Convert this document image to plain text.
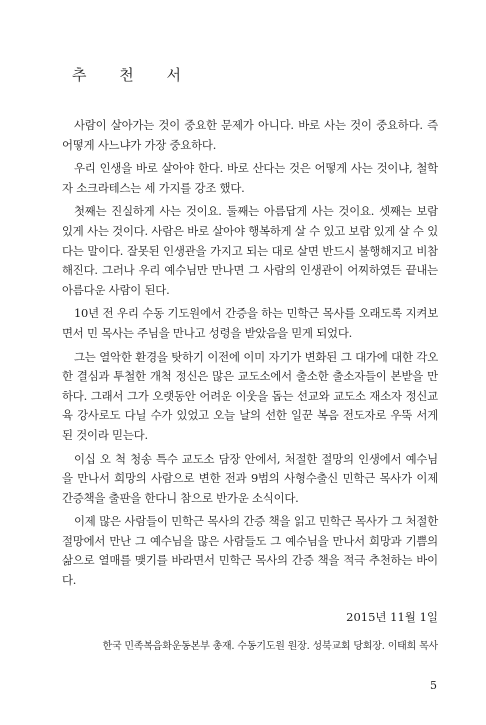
추 천 서

사람이 살아가는 것이 중요한 문제가 아니다. 바로 사는 것이 중요하다. 즉 어떻게 사느냐가 가장 중요하다.

우리 인생을 바로 살아야 한다. 바로 산다는 것은 어떻게 사는 것이냐, 철학자 소크라테스는 세 가지를 강조 했다.

첫째는 진실하게 사는 것이요. 둘째는 아름답게 사는 것이요. 셋째는 보람 있게 사는 것이다. 사람은 바로 살아야 행복하게 살 수 있고 보람 있게 살 수 있다는 말이다. 잘못된 인생관을 가지고 되는 대로 살면 반드시 불행해지고 비참해진다. 그러나 우리 예수님만 만나면 그 사람의 인생관이 어찌하였든 끝내는 아름다운 사람이 된다.

10년 전 우리 수동 기도원에서 간증을 하는 민학근 목사를 오래도록 지켜보면서 민 목사는 주님을 만나고 성령을 받았음을 믿게 되었다.

그는 열악한 환경을 탓하기 이전에 이미 자기가 변화된 그 대가에 대한 각오한 결심과 투철한 개척 정신은 많은 교도소에서 출소한 출소자들이 본받을 만하다. 그래서 그가 오랫동안 어려운 이웃을 돕는 선교와 교도소 재소자 정신교육 강사로도 다닐 수가 있었고 오늘 날의 선한 일꾼 복음 전도자로 우뚝 서게 된 것이라 믿는다.

이십 오 척 청송 특수 교도소 담장 안에서, 처절한 절망의 인생에서 예수님을 만나서 희망의 사람으로 변한 전과 9범의 사형수출신 민학근 목사가 이제 간증책을 출판을 한다니 참으로 반가운 소식이다.

이제 많은 사람들이 민학근 목사의 간증 책을 읽고 민학근 목사가 그 처절한 절망에서 만난 그 예수님을 많은 사람들도 그 예수님을 만나서 희망과 기쁨의 삶으로 열매를 맺기를 바라면서 민학근 목사의 간증 책을 적극 추천하는 바이다.

2015년 11월 1일
한국 민족복음화운동본부 총재. 수동기도원 원장. 성북교회 당회장. 이태희 목사
5
